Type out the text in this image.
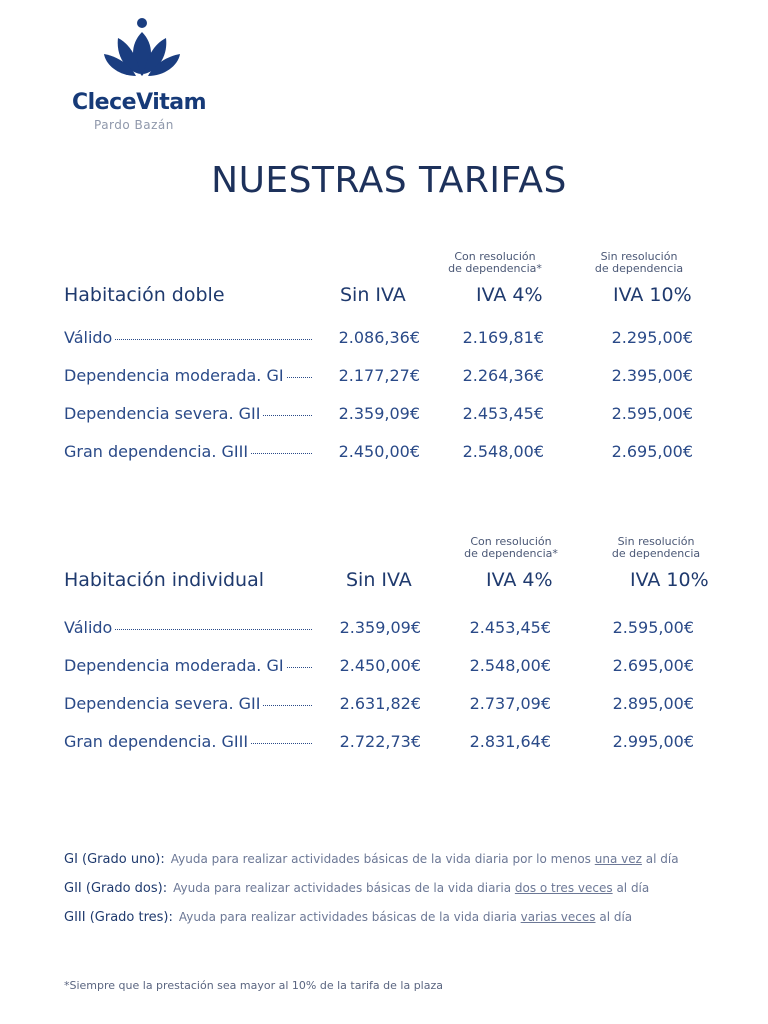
CleceVitam
Pardo Bazán
NUESTRAS TARIFAS
Con resolución
de dependencia*
Sin resolución
de dependencia
Habitación doble	Sin IVA	IVA 4%	IVA 10%
Válido	2.086,36€	2.169,81€	2.295,00€
Dependencia moderada. GI	2.177,27€	2.264,36€	2.395,00€
Dependencia severa. GII	2.359,09€	2.453,45€	2.595,00€
Gran dependencia. GIII	2.450,00€	2.548,00€	2.695,00€
Con resolución
de dependencia*
Sin resolución
de dependencia
Habitación individual	Sin IVA	IVA 4%	IVA 10%
Válido	2.359,09€	2.453,45€	2.595,00€
Dependencia moderada. GI	2.450,00€	2.548,00€	2.695,00€
Dependencia severa. GII	2.631,82€	2.737,09€	2.895,00€
Gran dependencia. GIII	2.722,73€	2.831,64€	2.995,00€
GI (Grado uno): Ayuda para realizar actividades básicas de la vida diaria por lo menos una vez al día
GII (Grado dos): Ayuda para realizar actividades básicas de la vida diaria dos o tres veces al día
GIII (Grado tres): Ayuda para realizar actividades básicas de la vida diaria varias veces al día
*Siempre que la prestación sea mayor al 10% de la tarifa de la plaza
